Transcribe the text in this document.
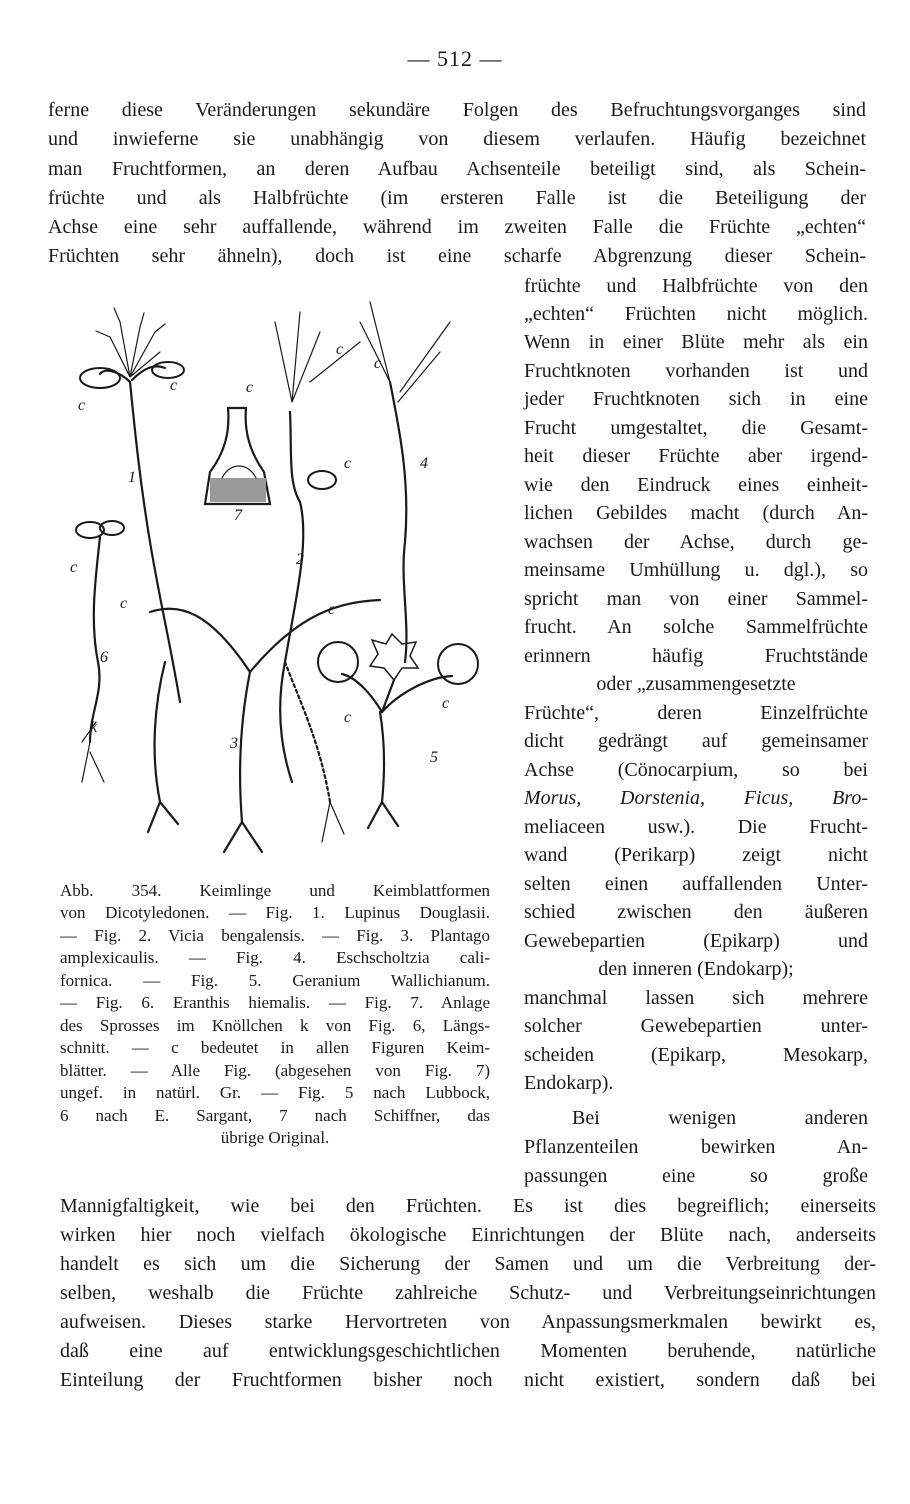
— 512 —
ferne diese Veränderungen sekundäre Folgen des Befruchtungsvorganges sind
und inwieferne sie unabhängig von diesem verlaufen. Häufig bezeichnet
man Fruchtformen, an deren Aufbau Achsenteile beteiligt sind, als Schein-
früchte und als Halbfrüchte (im ersteren Falle ist die Beteiligung der
Achse eine sehr auffallende, während im zweiten Falle die Früchte „echten“
Früchten sehr ähneln), doch ist eine scharfe Abgrenzung dieser Schein-
früchte und Halbfrüchte von den
„echten“ Früchten nicht möglich.
Wenn in einer Blüte mehr als ein
Fruchtknoten vorhanden ist und
jeder Fruchtknoten sich in eine
Frucht umgestaltet, die Gesamt-
heit dieser Früchte aber irgend-
wie den Eindruck eines einheit-
lichen Gebildes macht (durch An-
wachsen der Achse, durch ge-
meinsame Umhüllung u. dgl.), so
spricht man von einer Sammel-
frucht. An solche Sammelfrüchte
erinnern häufig Fruchtstände
oder „zusammengesetzte
Früchte“, deren Einzelfrüchte
dicht gedrängt auf gemeinsamer
Achse (Cönocarpium, so bei
Morus, Dorstenia, Ficus, Bro-
meliaceen usw.). Die Frucht-
wand (Perikarp) zeigt nicht
selten einen auffallenden Unter-
schied zwischen den äußeren
Gewebepartien (Epikarp) und
den inneren (Endokarp);
manchmal lassen sich mehrere
solcher Gewebepartien unter-
scheiden (Epikarp, Mesokarp,
Endokarp).
Bei wenigen anderen
Pflanzenteilen bewirken An-
passungen eine so große
1
2
3
4
5
6
7
k
c
c	c
c
c
c
c
c	c
c
c
Abb. 354. Keimlinge und Keimblattformen
von Dicotyledonen. — Fig. 1. Lupinus Douglasii.
— Fig. 2. Vicia bengalensis. — Fig. 3. Plantago
amplexicaulis. — Fig. 4. Eschscholtzia cali-
fornica. — Fig. 5. Geranium Wallichianum.
— Fig. 6. Eranthis hiemalis. — Fig. 7. Anlage
des Sprosses im Knöllchen k von Fig. 6, Längs-
schnitt. — c bedeutet in allen Figuren Keim-
blätter. — Alle Fig. (abgesehen von Fig. 7)
ungef. in natürl. Gr. — Fig. 5 nach Lubbock,
6 nach E. Sargant, 7 nach Schiffner, das
übrige Original.
Mannigfaltigkeit, wie bei den Früchten. Es ist dies begreiflich; einerseits
wirken hier noch vielfach ökologische Einrichtungen der Blüte nach, anderseits
handelt es sich um die Sicherung der Samen und um die Verbreitung der-
selben, weshalb die Früchte zahlreiche Schutz- und Verbreitungseinrichtungen
aufweisen. Dieses starke Hervortreten von Anpassungsmerkmalen bewirkt es,
daß eine auf entwicklungsgeschichtlichen Momenten beruhende, natürliche
Einteilung der Fruchtformen bisher noch nicht existiert, sondern daß bei
